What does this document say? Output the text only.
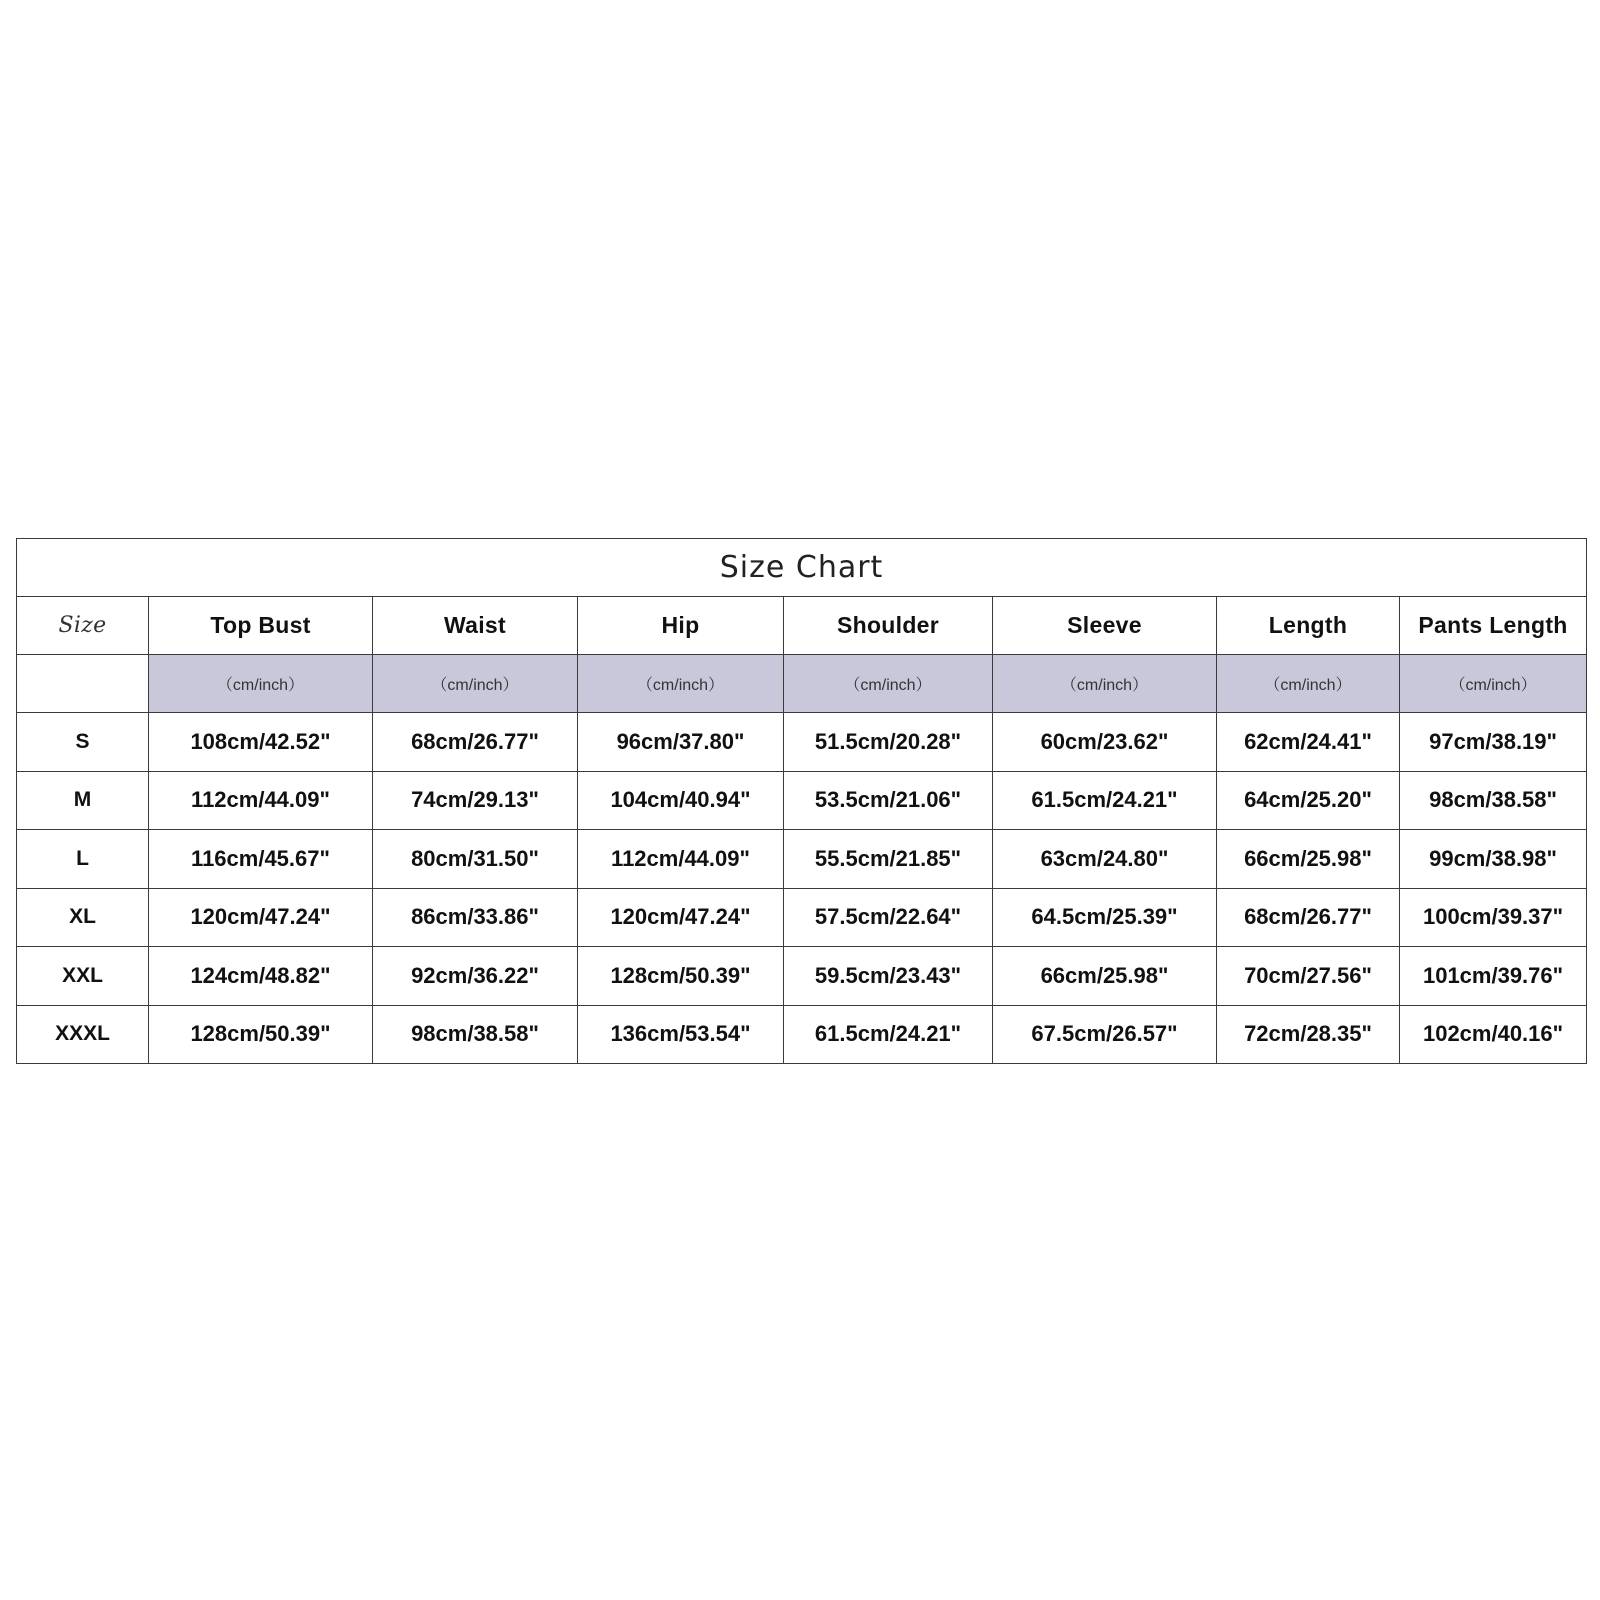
Size Chart							
Size	Top Bust	Waist	Hip	Shoulder	Sleeve	Length	Pants Length
	（cm/inch）	（cm/inch）	（cm/inch）	（cm/inch）	（cm/inch）	（cm/inch）	（cm/inch）
S	108cm/42.52"	68cm/26.77"	96cm/37.80"	51.5cm/20.28"	60cm/23.62"	62cm/24.41"	97cm/38.19"
M	112cm/44.09"	74cm/29.13"	104cm/40.94"	53.5cm/21.06"	61.5cm/24.21"	64cm/25.20"	98cm/38.58"
L	116cm/45.67"	80cm/31.50"	112cm/44.09"	55.5cm/21.85"	63cm/24.80"	66cm/25.98"	99cm/38.98"
XL	120cm/47.24"	86cm/33.86"	120cm/47.24"	57.5cm/22.64"	64.5cm/25.39"	68cm/26.77"	100cm/39.37"
XXL	124cm/48.82"	92cm/36.22"	128cm/50.39"	59.5cm/23.43"	66cm/25.98"	70cm/27.56"	101cm/39.76"
XXXL	128cm/50.39"	98cm/38.58"	136cm/53.54"	61.5cm/24.21"	67.5cm/26.57"	72cm/28.35"	102cm/40.16"
